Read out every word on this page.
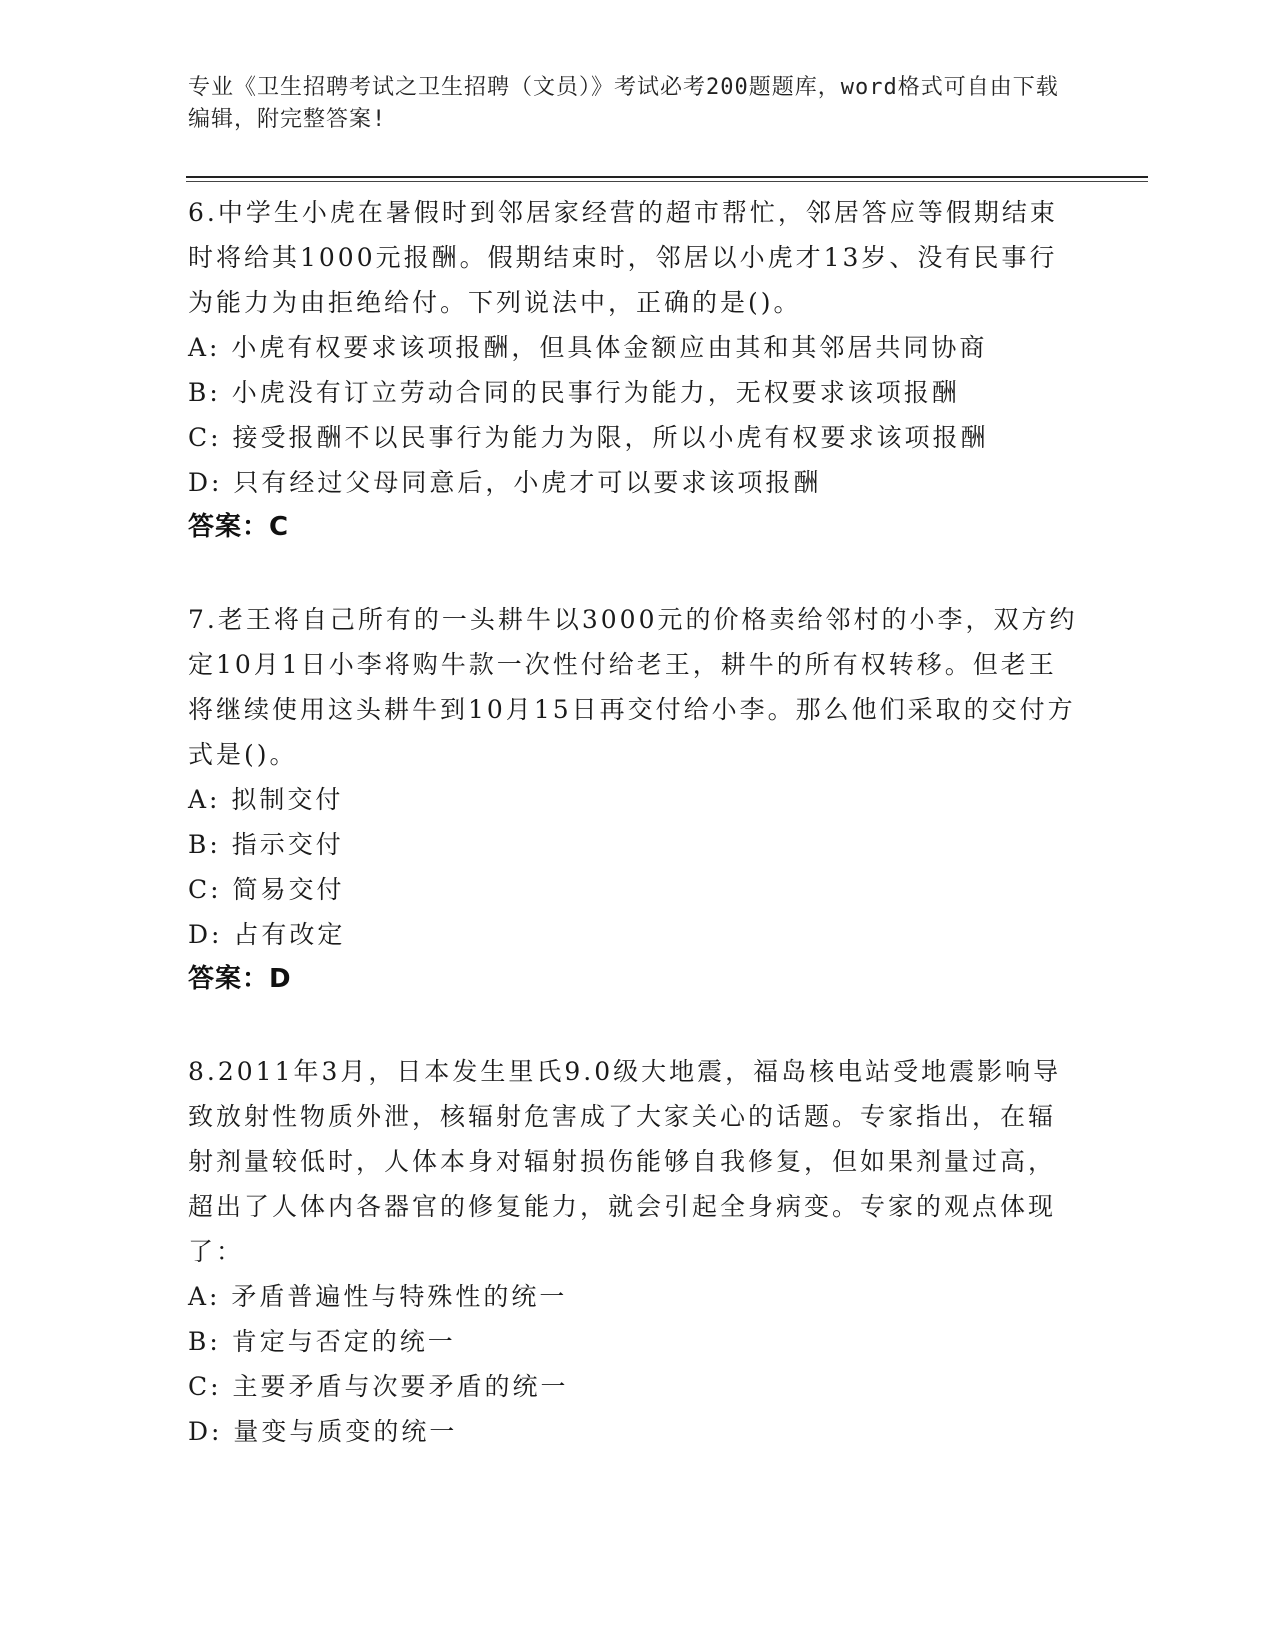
专业《卫生招聘考试之卫生招聘（文员）》考试必考200题题库，word格式可自由下载编辑，附完整答案!

6.中学生小虎在暑假时到邻居家经营的超市帮忙，邻居答应等假期结束时将给其1000元报酬。假期结束时，邻居以小虎才13岁、没有民事行为能力为由拒绝给付。下列说法中，正确的是()。

A: 小虎有权要求该项报酬，但具体金额应由其和其邻居共同协商

B: 小虎没有订立劳动合同的民事行为能力，无权要求该项报酬

C: 接受报酬不以民事行为能力为限，所以小虎有权要求该项报酬

D: 只有经过父母同意后，小虎才可以要求该项报酬

答案：C

7.老王将自己所有的一头耕牛以3000元的价格卖给邻村的小李，双方约定10月1日小李将购牛款一次性付给老王，耕牛的所有权转移。但老王将继续使用这头耕牛到10月15日再交付给小李。那么他们采取的交付方式是()。

A: 拟制交付

B: 指示交付

C: 简易交付

D: 占有改定

答案：D

8.2011年3月，日本发生里氏9.0级大地震，福岛核电站受地震影响导致放射性物质外泄，核辐射危害成了大家关心的话题。专家指出，在辐射剂量较低时，人体本身对辐射损伤能够自我修复，但如果剂量过高，超出了人体内各器官的修复能力，就会引起全身病变。专家的观点体现了：

A: 矛盾普遍性与特殊性的统一

B: 肯定与否定的统一

C: 主要矛盾与次要矛盾的统一

D: 量变与质变的统一
